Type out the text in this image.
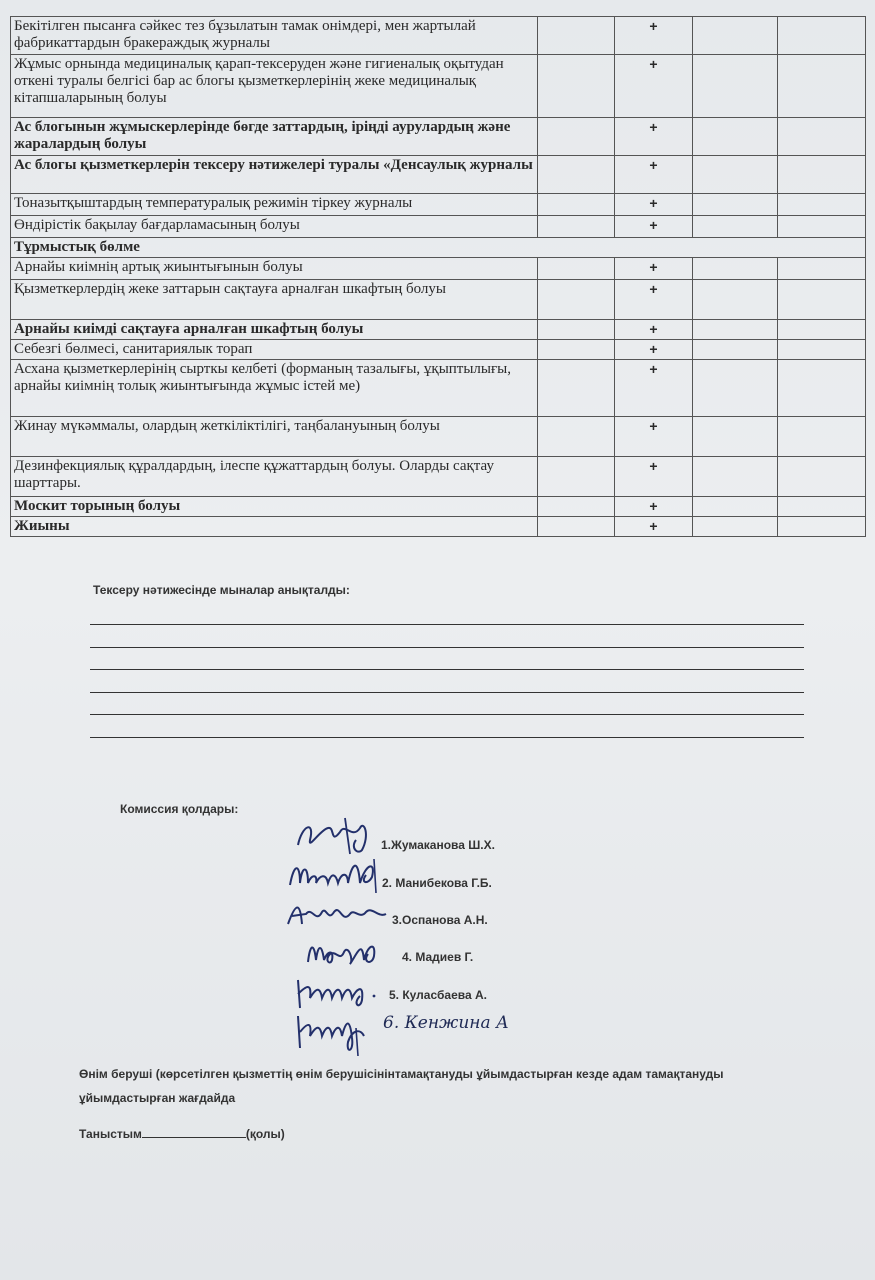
Бекітілген пысанға сәйкес тез бұзылатын тамак онімдері, мен жартылай фабрикаттардын бракераждық журналы		+		
Жұмыс орнында медициналық қарап-тексеруден және гигиеналық оқытудан откені туралы белгісі бар ас блогы қызметкерлерінің жеке медициналық кітапшаларының болуы		+		
Ас блогынын жұмыскерлерінде бөгде заттардың, іріңді аурулардың және жаралардың болуы		+		
Ас блогы қызметкерлерін тексеру нәтижелері туралы «Денсаулық журналы		+		
Тоназытқыштардың температуралық режимін тіркеу журналы		+		
Өндірістік бақылау бағдарламасының болуы		+		
Тұрмыстық бөлме				
Арнайы киімнің артық жиынтығынын болуы		+		
Қызметкерлердің жеке заттарын сақтауға арналған шкафтың болуы		+		
Арнайы киімді сақтауға арналған шкафтың болуы		+		
Себезгі бөлмесі, санитариялык торап		+		
Асхана қызметкерлерінің сырткы келбеті (форманың тазалығы, ұқыптылығы, арнайы киімнің толық жиынтығында жұмыс істей ме)		+		
Жинау мүкәммалы, олардың жеткіліктілігі, таңбалануының болуы		+		
Дезинфекциялық құралдардың, ілеспе құжаттардың болуы. Оларды сақтау шарттары.		+		
Москит торының болуы		+		
Жиыны		+		
Тексеру нәтижесінде мыналар анықталды:
Комиссия қолдары:
1.Жумаканова Ш.Х.
2. Манибекова Г.Б.
3.Оспанова А.Н.
4. Мадиев Г.
5. Куласбаева А.
6. Кенжина А
Өнім беруші (көрсетілген қызметтің өнім берушісінінтамақтануды ұйымдастырған кезде адам тамақтануды ұйымдастырған жағдайда
Таныстым	(қолы)
